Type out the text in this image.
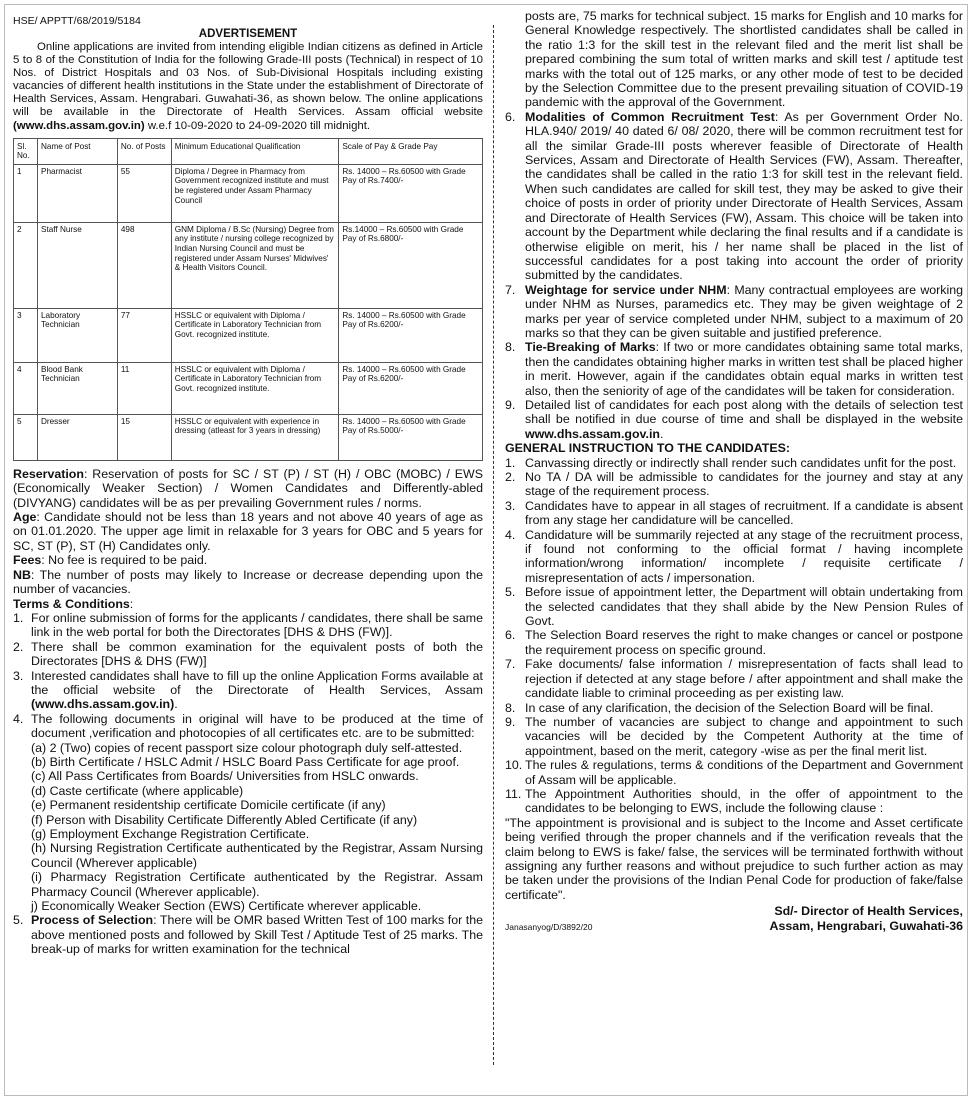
HSE/ APPTT/68/2019/5184
ADVERTISEMENT

Online applications are invited from intending eligible Indian citizens as defined in Article 5 to 8 of the Constitution of India for the following Grade-III posts (Technical) in respect of 10 Nos. of District Hospitals and 03 Nos. of Sub-Divisional Hospitals including existing vacancies of different health institutions in the State under the establishment of Directorate of Health Services, Assam. Hengrabari. Guwahati-36, as shown below. The online applications will be available in the Directorate of Health Services. Assam official website (www.dhs.assam.gov.in) w.e.f 10-09-2020 to 24-09-2020 till midnight.

Sl. No.	Name of Post	No. of Posts	Minimum Educational Qualification	Scale of Pay & Grade Pay
1	Pharmacist	55	Diploma / Degree in Pharmacy from Government recognized institute and must be registered under Assam Pharmacy Council	Rs. 14000 – Rs.60500 with Grade Pay of Rs.7400/-
2	Staff Nurse	498	GNM Diploma / B.Sc (Nursing) Degree from any institute / nursing college recognized by Indian Nursing Council and must be registered under Assam Nurses' Midwives' & Health Visitors Council.	Rs.14000 – Rs.60500 with Grade Pay of Rs.6800/-
3	Laboratory Technician	77	HSSLC or equivalent with Diploma / Certificate in Laboratory Technician from Govt. recognized institute.	Rs. 14000 – Rs.60500 with Grade Pay of Rs.6200/-
4	Blood Bank Technician	11	HSSLC or equivalent with Diploma / Certificate in Laboratory Technician from Govt. recognized institute.	Rs. 14000 – Rs.60500 with Grade Pay of Rs.6200/-
5	Dresser	15	HSSLC or equivalent with experience in dressing (atleast for 3 years in dressing)	Rs. 14000 – Rs.60500 with Grade Pay of Rs.5000/-

Reservation: Reservation of posts for SC / ST (P) / ST (H) / OBC (MOBC) / EWS (Economically Weaker Section) / Women Candidates and Differently-abled (DIVYANG) candidates will be as per prevailing Government rules / norms.

Age: Candidate should not be less than 18 years and not above 40 years of age as on 01.01.2020. The upper age limit in relaxable for 3 years for OBC and 5 years for SC, ST (P), ST (H) Candidates only.

Fees: No fee is required to be paid.

NB: The number of posts may likely to Increase or decrease depending upon the number of vacancies.

Terms & Conditions:

1. For online submission of forms for the applicants / candidates, there shall be same link in the web portal for both the Directorates [DHS & DHS (FW)].
2. There shall be common examination for the equivalent posts of both the Directorates [DHS & DHS (FW)]
3. Interested candidates shall have to fill up the online Application Forms available at the official website of the Directorate of Health Services, Assam (www.dhs.assam.gov.in).
4. The following documents in original will have to be produced at the time of document ,verification and photocopies of all certificates etc. are to be submitted:

(a) 2 (Two) copies of recent passport size colour photograph duly self-attested.

(b) Birth Certificate / HSLC Admit / HSLC Board Pass Certificate for age proof.

(c) All Pass Certificates from Boards/ Universities from HSLC onwards.

(d) Caste certificate (where applicable)

(e) Permanent residentship certificate Domicile certificate (if any)

(f) Person with Disability Certificate Differently Abled Certificate (if any)

(g) Employment Exchange Registration Certificate.

(h) Nursing Registration Certificate authenticated by the Registrar, Assam Nursing Council (Wherever applicable)

(i) Pharmacy Registration Certificate authenticated by the Registrar. Assam Pharmacy Council (Wherever applicable).

j) Economically Weaker Section (EWS) Certificate wherever applicable.

5. Process of Selection: There will be OMR based Written Test of 100 marks for the above mentioned posts and followed by Skill Test / Aptitude Test of 25 marks. The break-up of marks for written examination for the technical

posts are, 75 marks for technical subject. 15 marks for English and 10 marks for General Knowledge respectively. The shortlisted candidates shall be called in the ratio 1:3 for the skill test in the relevant filed and the merit list shall be prepared combining the sum total of written marks and skill test / aptitude test marks with the total out of 125 marks, or any other mode of test to be decided by the Selection Committee due to the present prevailing situation of COVID-19 pandemic with the approval of the Government.

6. Modalities of Common Recruitment Test: As per Government Order No. HLA.940/ 2019/ 40 dated 6/ 08/ 2020, there will be common recruitment test for all the similar Grade-III posts wherever feasible of Directorate of Health Services, Assam and Directorate of Health Services (FW), Assam. Thereafter, the candidates shall be called in the ratio 1:3 for skill test in the relevant field. When such candidates are called for skill test, they may be asked to give their choice of posts in order of priority under Directorate of Health Services, Assam and Directorate of Health Services (FW), Assam. This choice will be taken into account by the Department while declaring the final results and if a candidate is otherwise eligible on merit, his / her name shall be placed in the list of successful candidates for a post taking into account the order of priority submitted by the candidates.
7. Weightage for service under NHM: Many contractual employees are working under NHM as Nurses, paramedics etc. They may be given weightage of 2 marks per year of service completed under NHM, subject to a maximum of 20 marks so that they can be given suitable and justified preference.
8. Tie-Breaking of Marks: If two or more candidates obtaining same total marks, then the candidates obtaining higher marks in written test shall be placed higher in merit. However, again if the candidates obtain equal marks in written test also, then the seniority of age of the candidates will be taken for consideration.
9. Detailed list of candidates for each post along with the details of selection test shall be notified in due course of time and shall be displayed in the website www.dhs.assam.gov.in.

GENERAL INSTRUCTION TO THE CANDIDATES:

1. Canvassing directly or indirectly shall render such candidates unfit for the post.
2. No TA / DA will be admissible to candidates for the journey and stay at any stage of the requirement process.
3. Candidates have to appear in all stages of recruitment. If a candidate is absent from any stage her candidature will be cancelled.
4. Candidature will be summarily rejected at any stage of the recruitment process, if found not conforming to the official format / having incomplete information/wrong information/ incomplete / requisite certificate / misrepresentation of acts / impersonation.
5. Before issue of appointment letter, the Department will obtain undertaking from the selected candidates that they shall abide by the New Pension Rules of Govt.
6. The Selection Board reserves the right to make changes or cancel or postpone the requirement process on specific ground.
7. Fake documents/ false information / misrepresentation of facts shall lead to rejection if detected at any stage before / after appointment and shall make the candidate liable to criminal proceeding as per existing law.
8. In case of any clarification, the decision of the Selection Board will be final.
9. The number of vacancies are subject to change and appointment to such vacancies will be decided by the Competent Authority at the time of appointment, based on the merit, category -wise as per the final merit list.
10. The rules & regulations, terms & conditions of the Department and Government of Assam will be applicable.
11. The Appointment Authorities should, in the offer of appointment to the candidates to be belonging to EWS, include the following clause :

"The appointment is provisional and is subject to the Income and Asset certificate being verified through the proper channels and if the verification reveals that the claim belong to EWS is fake/ false, the services will be terminated forthwith without assigning any further reasons and without prejudice to such further action as may be taken under the provisions of the Indian Penal Code for production of fake/false certificate".

Sd/- Director of Health Services,
Assam, Hengrabari, Guwahati-36
Janasanyog/D/3892/20
